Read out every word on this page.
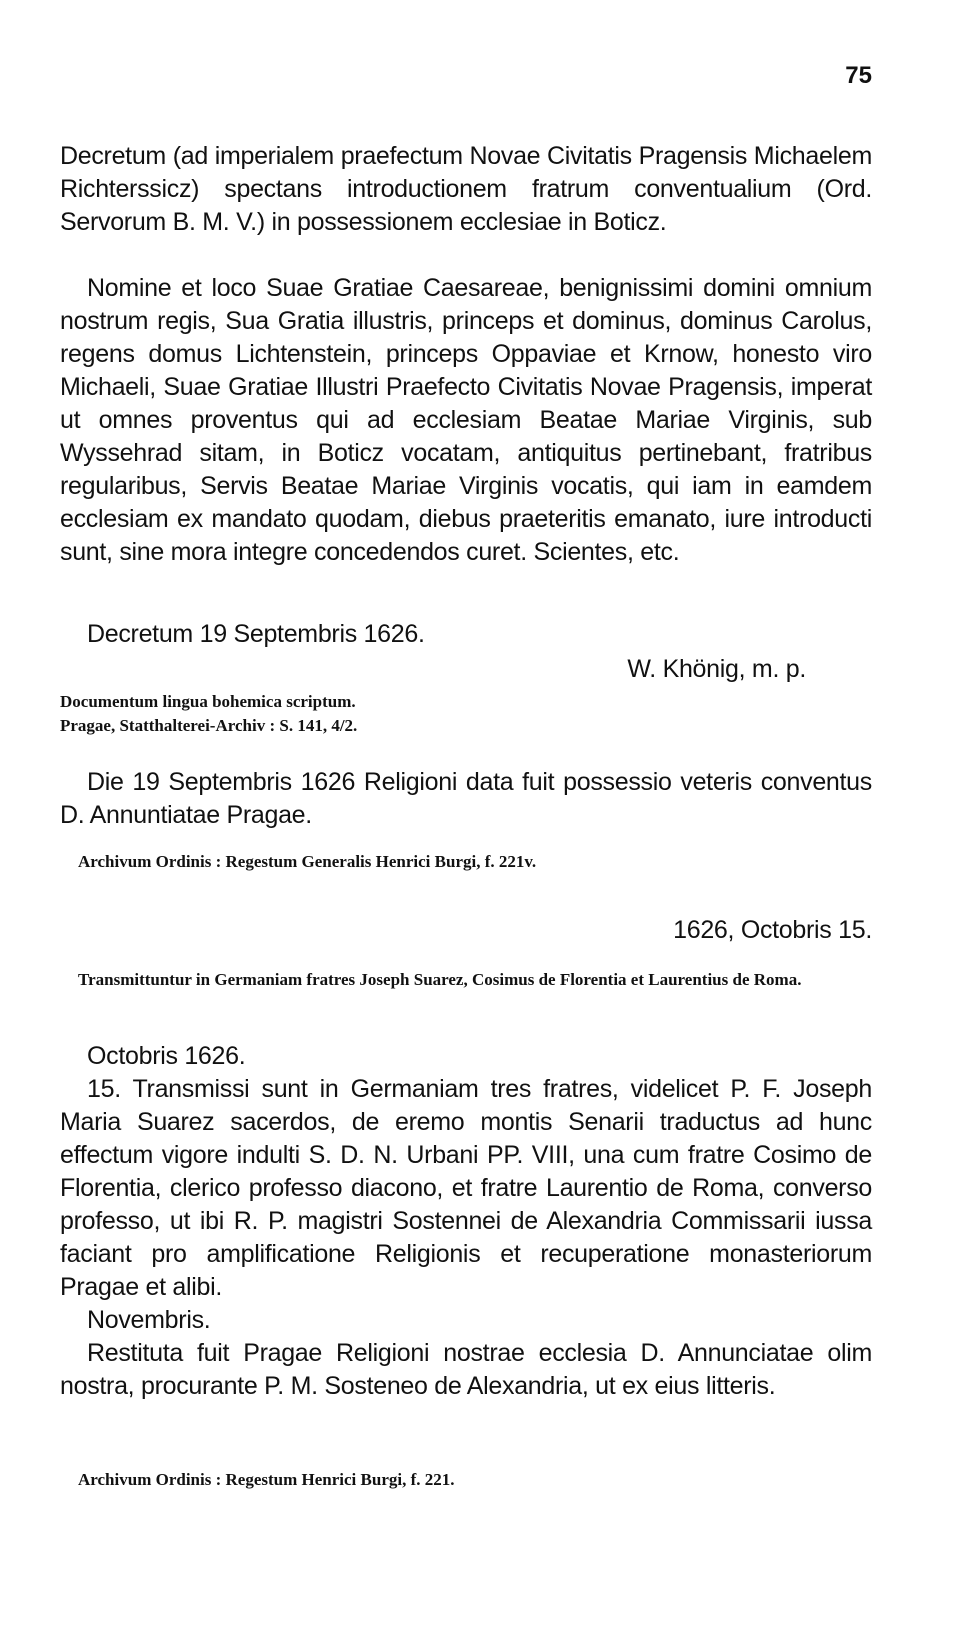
75

Decretum (ad imperialem praefectum Novae Civitatis Pragensis Michaelem Richterssicz) spectans introductionem fratrum conventualium (Ord. Servorum B. M. V.) in possessionem ecclesiae in Boticz.

Nomine et loco Suae Gratiae Caesareae, benignissimi domini omnium nostrum regis, Sua Gratia illustris, princeps et dominus, dominus Carolus, regens domus Lichtenstein, princeps Oppaviae et Krnow, honesto viro Michaeli, Suae Gratiae Illustri Praefecto Civitatis Novae Pragensis, imperat ut omnes proventus qui ad ecclesiam Beatae Mariae Virginis, sub Wyssehrad sitam, in Boticz vocatam, antiquitus pertinebant, fratribus regularibus, Servis Beatae Mariae Virginis vocatis, qui iam in eamdem ecclesiam ex mandato quodam, diebus praeteritis emanato, iure introducti sunt, sine mora integre concedendos curet. Scientes, etc.

Decretum 19 Septembris 1626.

W. Khönig, m. p.

Documentum lingua bohemica scriptum.

Pragae, Statthalterei-Archiv : S. 141, 4/2.

Die 19 Septembris 1626 Religioni data fuit possessio veteris conventus D. Annuntiatae Pragae.

Archivum Ordinis : Regestum Generalis Henrici Burgi, f. 221v.

1626, Octobris 15.

Transmittuntur in Germaniam fratres Joseph Suarez, Cosimus de Florentia et Laurentius de Roma.

Octobris 1626.

15. Transmissi sunt in Germaniam tres fratres, videlicet P. F. Joseph Maria Suarez sacerdos, de eremo montis Senarii traductus ad hunc effectum vigore indulti S. D. N. Urbani PP. VIII, una cum fratre Cosimo de Florentia, clerico professo diacono, et fratre Laurentio de Roma, converso professo, ut ibi R. P. magistri Sostennei de Alexandria Commissarii iussa faciant pro amplificatione Religionis et recuperatione monasteriorum Pragae et alibi.

Novembris.

Restituta fuit Pragae Religioni nostrae ecclesia D. Annunciatae olim nostra, procurante P. M. Sosteneo de Alexandria, ut ex eius litteris.

Archivum Ordinis : Regestum Henrici Burgi, f. 221.
